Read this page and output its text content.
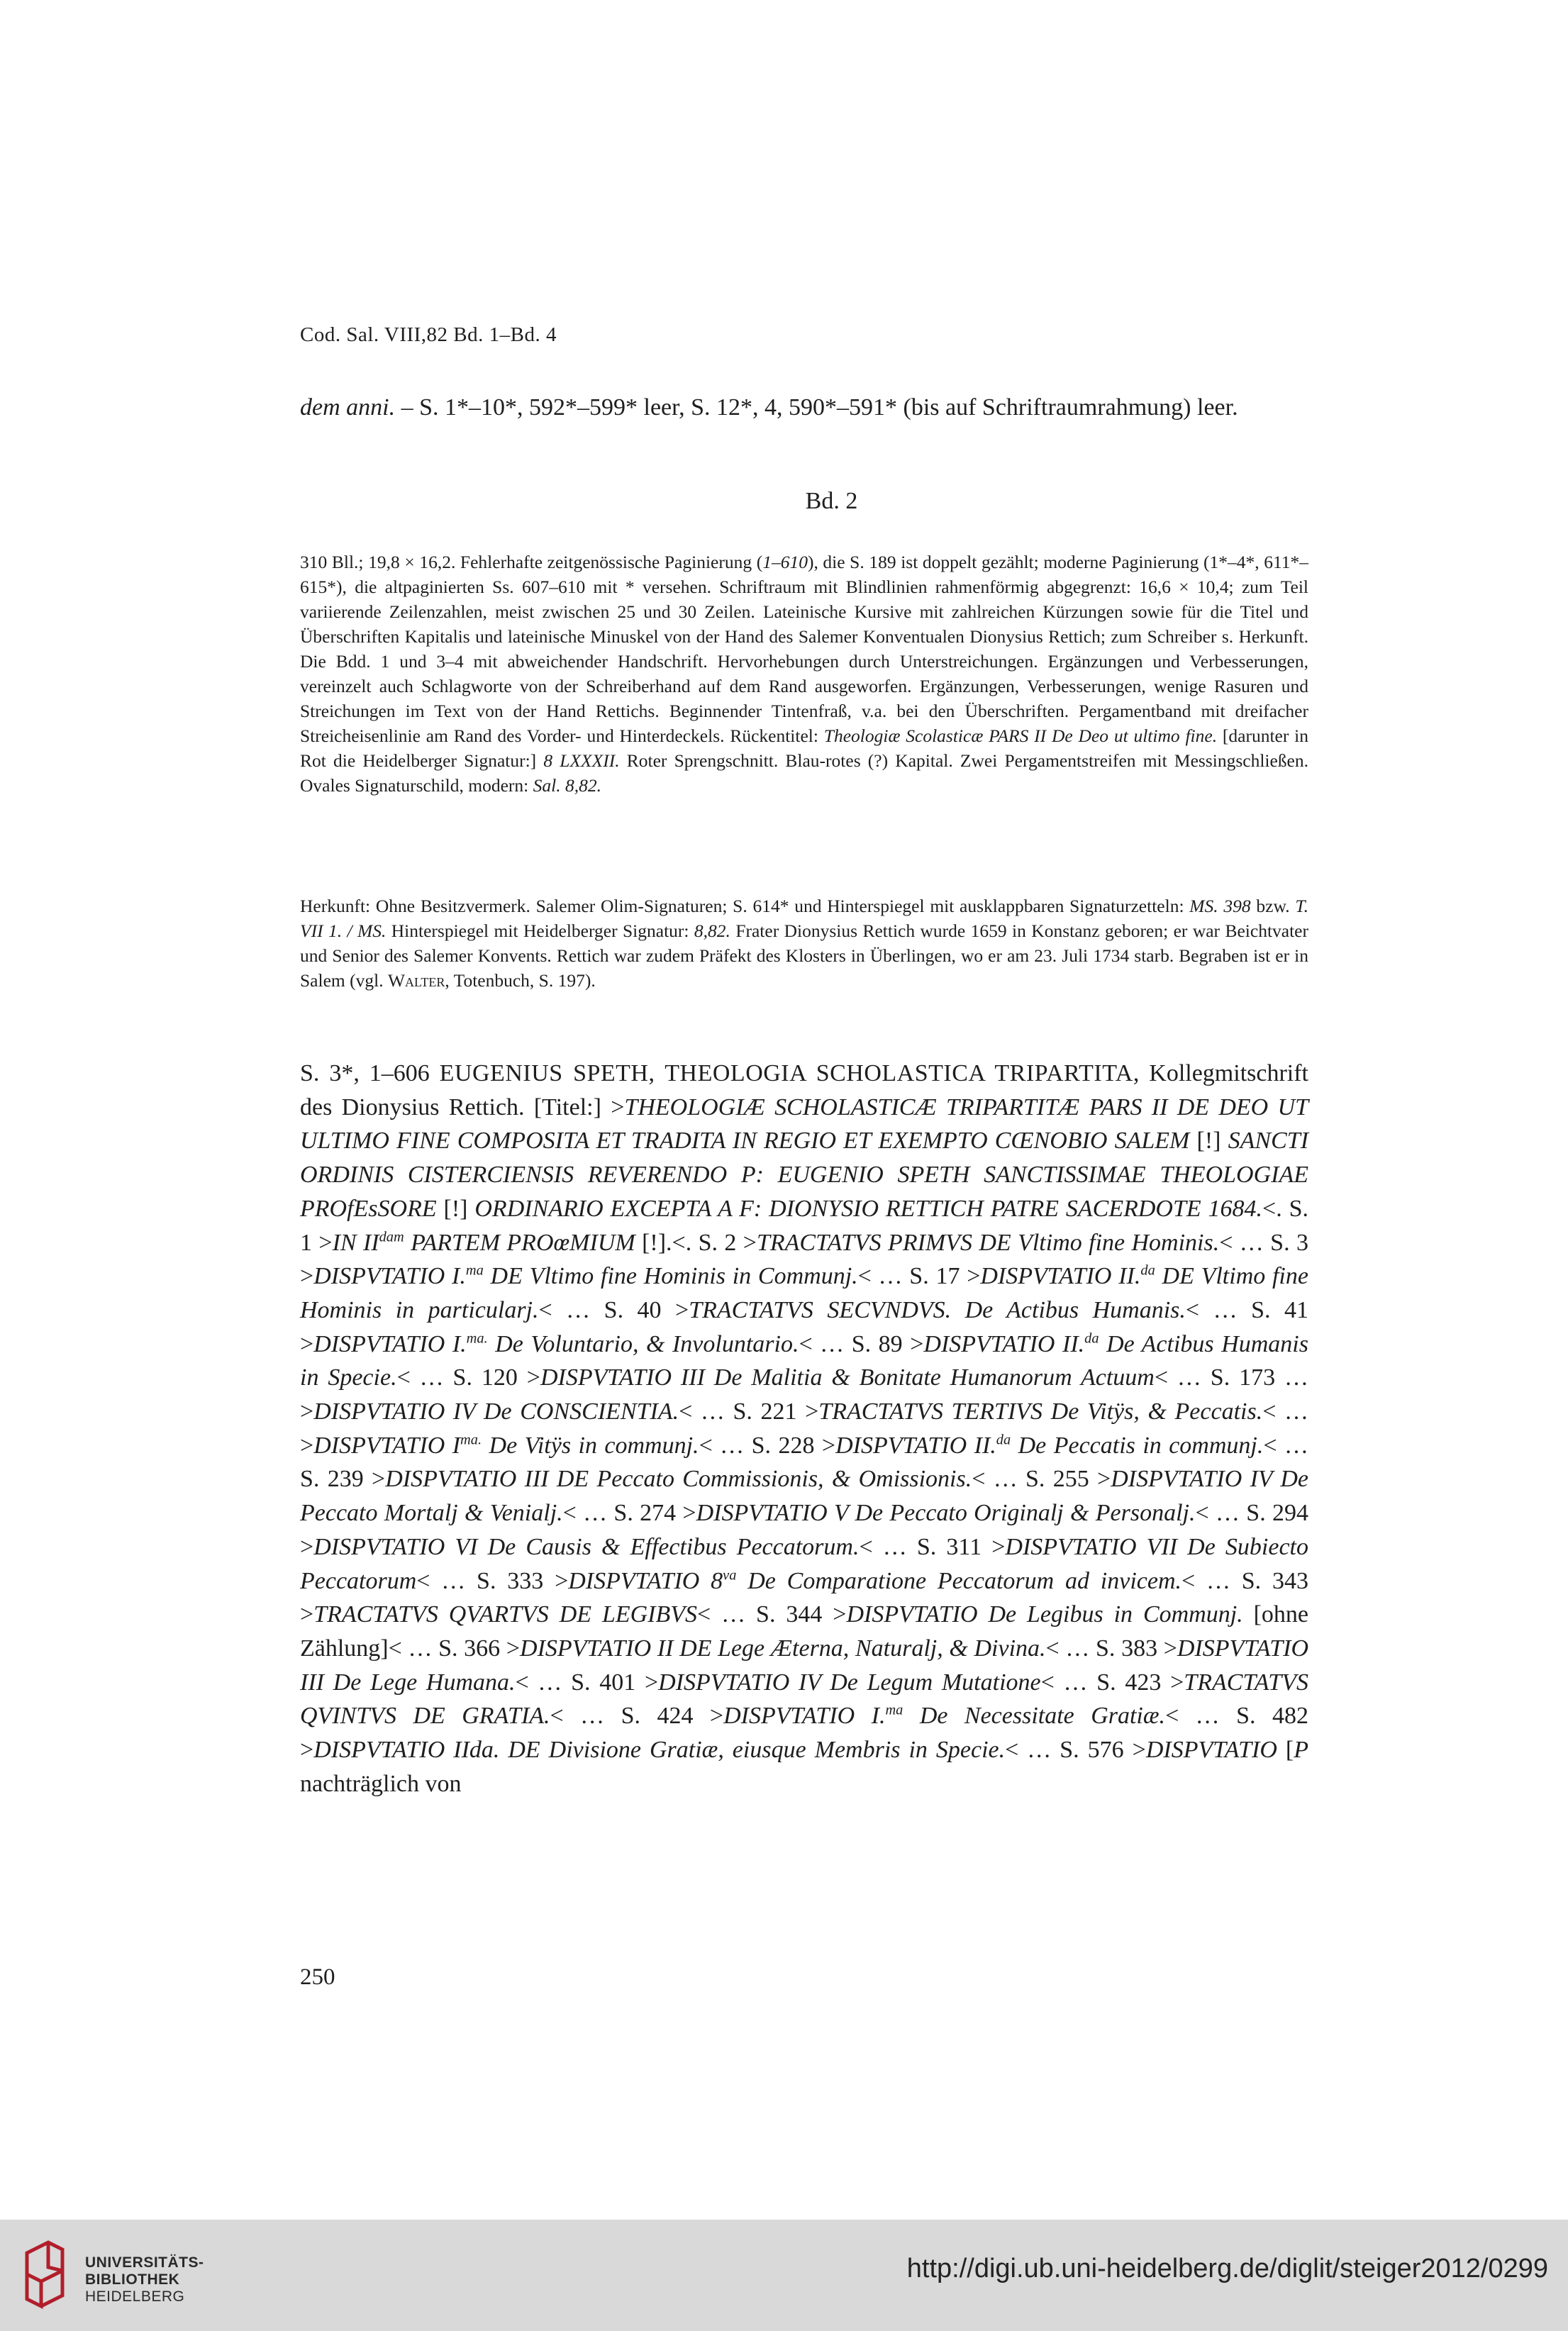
Cod. Sal. VIII,82 Bd. 1–Bd. 4
dem anni. – S. 1*–10*, 592*–599* leer, S. 12*, 4, 590*–591* (bis auf Schriftraumrahmung) leer.
Bd. 2

310 Bll.; 19,8 × 16,2. Fehlerhafte zeitgenössische Paginierung (1–610), die S. 189 ist doppelt gezählt; moderne Paginierung (1*–4*, 611*–615*), die altpaginierten Ss. 607–610 mit * versehen. Schriftraum mit Blindlinien rahmenförmig abgegrenzt: 16,6 × 10,4; zum Teil variierende Zeilenzahlen, meist zwischen 25 und 30 Zeilen. Lateinische Kursive mit zahlreichen Kürzungen sowie für die Titel und Überschriften Kapitalis und lateinische Minuskel von der Hand des Salemer Konventualen Dionysius Rettich; zum Schreiber s. Herkunft. Die Bdd. 1 und 3–4 mit abweichender Handschrift. Hervorhebungen durch Unterstreichungen. Ergänzungen und Verbesserungen, vereinzelt auch Schlagworte von der Schreiberhand auf dem Rand ausgeworfen. Ergänzungen, Verbesserungen, wenige Rasuren und Streichungen im Text von der Hand Rettichs. Beginnender Tintenfraß, v.a. bei den Überschriften. Pergamentband mit dreifacher Streicheisenlinie am Rand des Vorder- und Hinterdeckels. Rückentitel: Theologiæ Scolasticæ PARS II De Deo ut ultimo fine. [darunter in Rot die Heidelberger Signatur:] 8 LXXXII. Roter Sprengschnitt. Blau-rotes (?) Kapital. Zwei Pergamentstreifen mit Messingschließen. Ovales Signaturschild, modern: Sal. 8,82.

Herkunft: Ohne Besitzvermerk. Salemer Olim-Signaturen; S. 614* und Hinterspiegel mit ausklappbaren Signaturzetteln: MS. 398 bzw. T. VII 1. / MS. Hinterspiegel mit Heidelberger Signatur: 8,82. Frater Dionysius Rettich wurde 1659 in Konstanz geboren; er war Beichtvater und Senior des Salemer Konvents. Rettich war zudem Präfekt des Klosters in Überlingen, wo er am 23. Juli 1734 starb. Begraben ist er in Salem (vgl. Walter, Totenbuch, S. 197).

S. 3*, 1–606 EUGENIUS SPETH, THEOLOGIA SCHOLASTICA TRIPARTITA, Kollegmitschrift des Dionysius Rettich. [Titel:] >THEOLOGIÆ SCHOLASTICÆ TRIPARTITÆ PARS II DE DEO UT ULTIMO FINE COMPOSITA ET TRADITA IN REGIO ET EXEMPTO CŒNOBIO SALEM [!] SANCTI ORDINIS CISTERCIENSIS REVERENDO P: EUGENIO SPETH SANCTISSIMAE THEOLOGIAE PROfEsSORE [!] ORDINARIO EXCEPTA A F: DIONYSIO RETTICH PATRE SACERDOTE 1684.<. S. 1 >IN $II^{dam}$ PARTEM PROœMIUM [!].<. S. 2 >TRACTATVS PRIMVS DE Vltimo fine Hominis.< … S. 3 >DISPVTATIO I.$^{ma}$ DE Vltimo fine Hominis in Communj.< … S. 17 >DISPVTATIO II.$^{da}$ DE Vltimo fine Hominis in particularj.< … S. 40 >TRACTATVS SECVNDVS. De Actibus Humanis.< … S. 41 >DISPVTATIO I.$^{ma.}$ De Voluntario, & Involuntario.< … S. 89 >DISPVTATIO II.$^{da}$ De Actibus Humanis in Specie.< … S. 120 >DISPVTATIO III De Malitia & Bonitate Humanorum Actuum< … S. 173 … >DISPVTATIO IV De CONSCIENTIA.< … S. 221 >TRACTATVS TERTIVS De Vitÿs, & Peccatis.< … >DISPVTATIO $I^{ma.}$ De Vitÿs in communj.< … S. 228 >DISPVTATIO II.$^{da}$ De Peccatis in communj.< … S. 239 >DISPVTATIO III DE Peccato Commissionis, & Omissionis.< … S. 255 >DISPVTATIO IV De Peccato Mortalj & Venialj.< … S. 274 >DISPVTATIO V De Peccato Originalj & Personalj.< … S. 294 >DISPVTATIO VI De Causis & Effectibus Peccatorum.< … S. 311 >DISPVTATIO VII De Subiecto Peccatorum< … S. 333 >DISPVTATIO $8^{va}$ De Comparatione Peccatorum ad invicem.< … S. 343 >TRACTATVS QVARTVS DE LEGIBVS< … S. 344 >DISPVTATIO De Legibus in Communj. [ohne Zählung]< … S. 366 >DISPVTATIO II DE Lege Æterna, Naturalj, & Divina.< … S. 383 >DISPVTATIO III De Lege Humana.< … S. 401 >DISPVTATIO IV De Legum Mutatione< … S. 423 >TRACTATVS QVINTVS DE GRATIA.< … S. 424 >DISPVTATIO I.$^{ma}$ De Necessitate Gratiæ.< … S. 482 >DISPVTATIO IIda. DE Divisione Gratiæ, eiusque Membris in Specie.< … S. 576 >DISPVTATIO [P nachträglich von

250
UNIVERSITÄTS-
BIBLIOTHEK
HEIDELBERG
http://digi.ub.uni-heidelberg.de/diglit/steiger2012/0299
